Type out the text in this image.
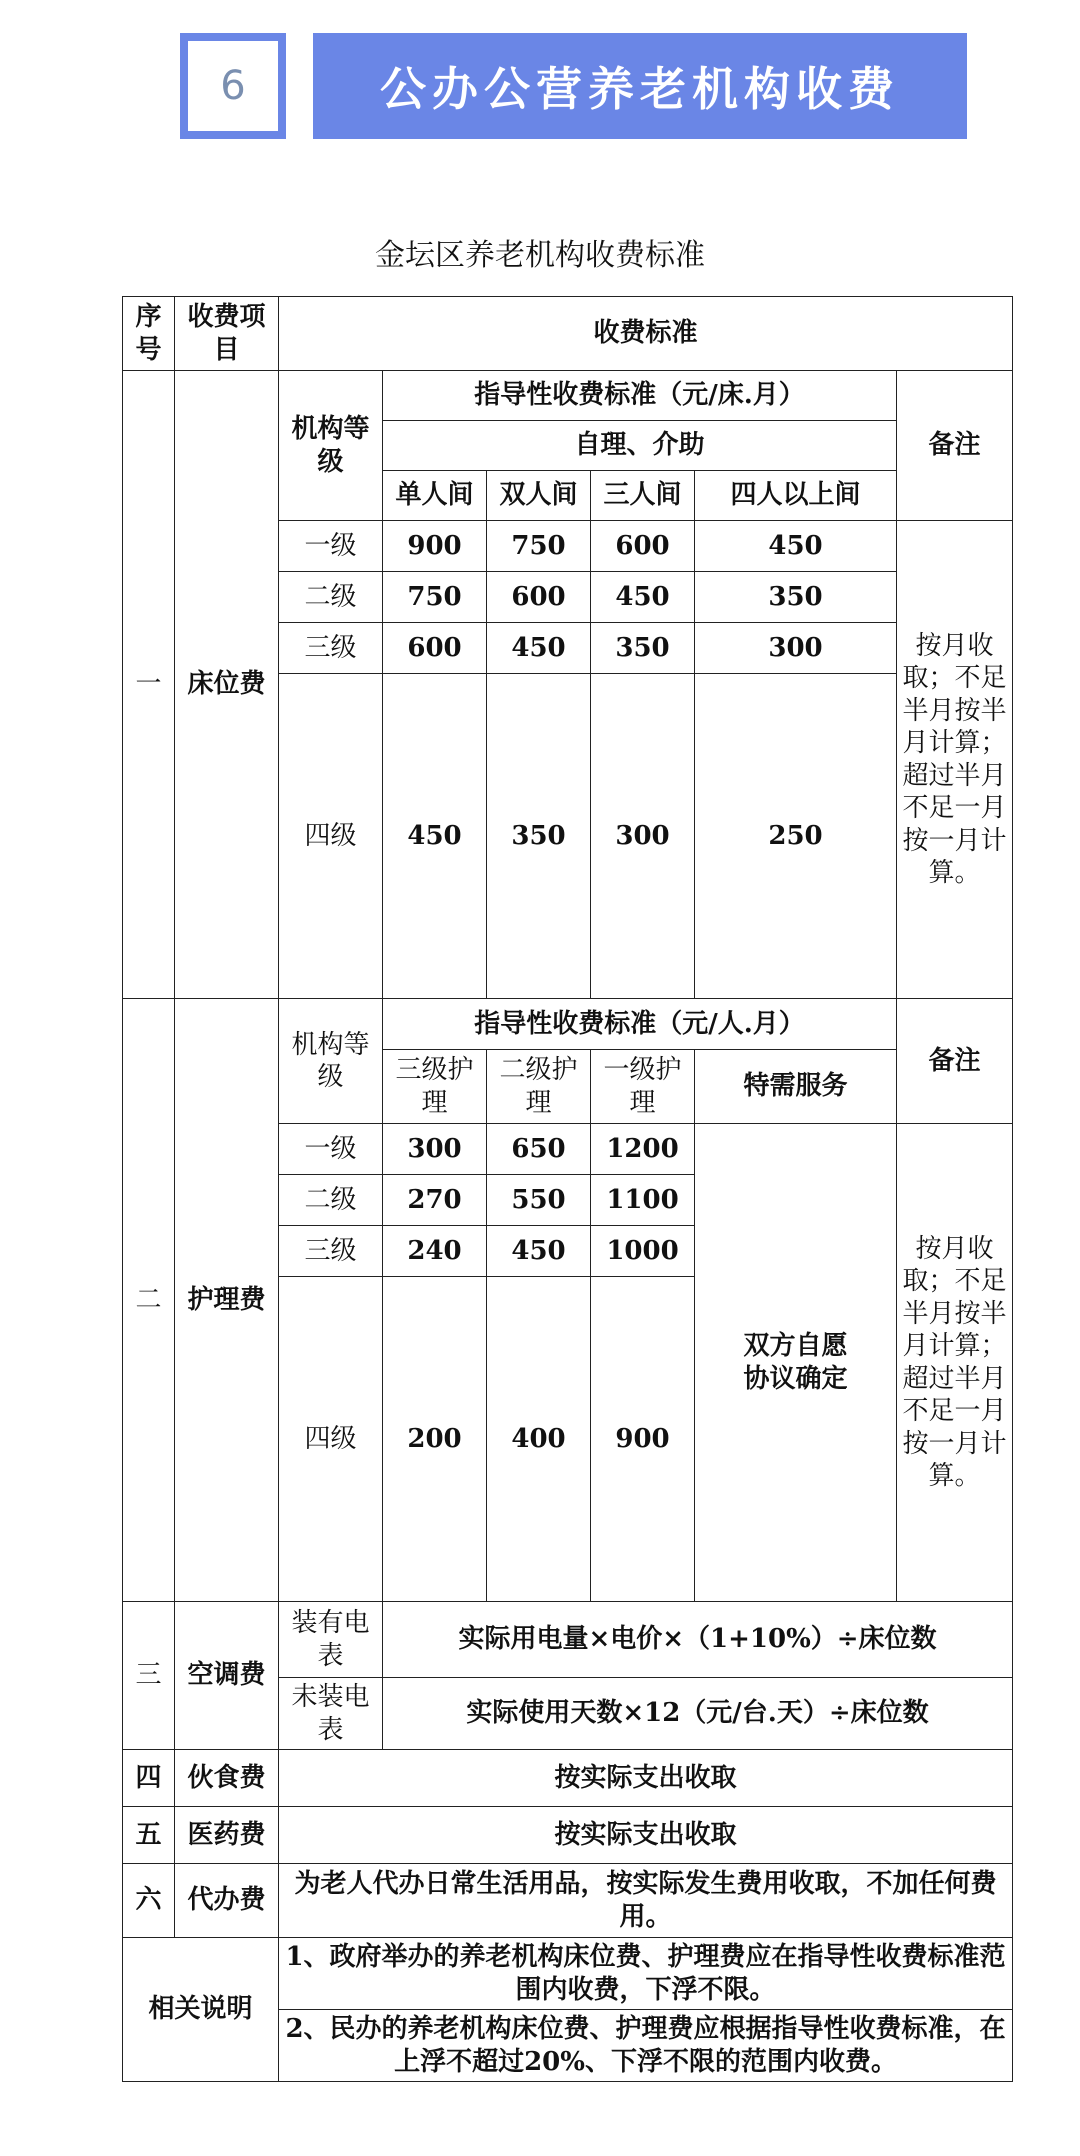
6	公办公营养老机构收费
金坛区养老机构收费标准
序号	收费项目	收费标准					
一	床位费	机构等级	指导性收费标准（元/床.月）				备注
			自理、介助				
			单人间	双人间	三人间	四人以上间	
		一级	900	750	600	450	按月收取；不足半月按半月计算；超过半月不足一月按一月计算。
		二级	750	600	450	350	
		三级	600	450	350	300	
		四级	450	350	300	250	
二	护理费	机构等级	指导性收费标准（元/人.月）				备注
			三级护理	二级护理	一级护理	特需服务	
		一级	300	650	1200	双方自愿协议确定	按月收取；不足半月按半月计算；超过半月不足一月按一月计算。
		二级	270	550	1100		
		三级	240	450	1000		
		四级	200	400	900		
三	空调费	装有电表	实际用电量×电价×（1+10%）÷床位数				
		未装电表	实际使用天数×12（元/台.天）÷床位数				
四	伙食费	按实际支出收取					
五	医药费	按实际支出收取					
六	代办费	为老人代办日常生活用品，按实际发生费用收取，不加任何费用。					
相关说明		1、政府举办的养老机构床位费、护理费应在指导性收费标准范围内收费，下浮不限。					
		2、民办的养老机构床位费、护理费应根据指导性收费标准，在上浮不超过20%、下浮不限的范围内收费。					
